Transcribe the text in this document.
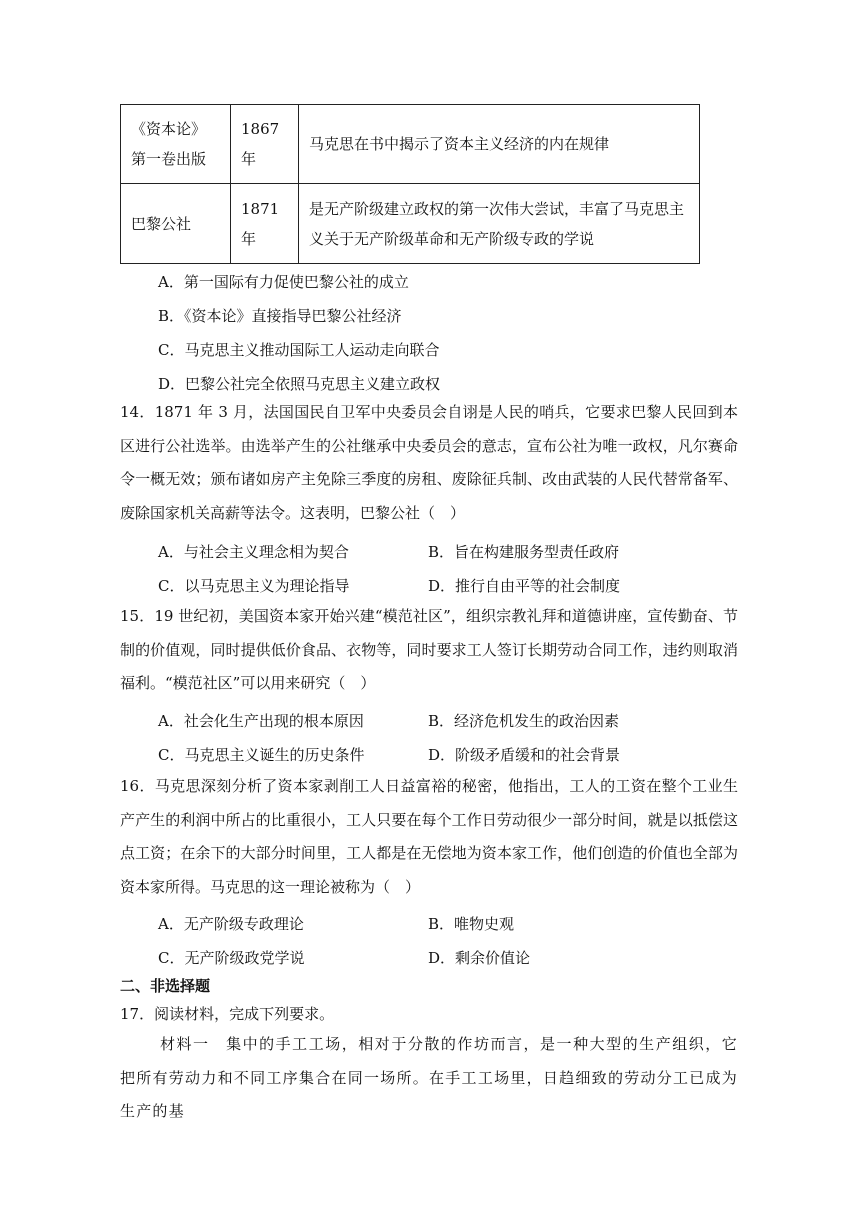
《资本论》第一卷出版	1867 年	马克思在书中揭示了资本主义经济的内在规律
巴黎公社	1871 年	是无产阶级建立政权的第一次伟大尝试，丰富了马克思主义关于无产阶级革命和无产阶级专政的学说
A．第一国际有力促使巴黎公社的成立
B．《资本论》直接指导巴黎公社经济
C．马克思主义推动国际工人运动走向联合
D．巴黎公社完全依照马克思主义建立政权
14．1871 年 3 月，法国国民自卫军中央委员会自诩是人民的哨兵，它要求巴黎人民回到本区进行公社选举。由选举产生的公社继承中央委员会的意志，宣布公社为唯一政权，凡尔赛命令一概无效；颁布诸如房产主免除三季度的房租、废除征兵制、改由武装的人民代替常备军、废除国家机关高薪等法令。这表明，巴黎公社（　）
A．与社会主义理念相为契合	B．旨在构建服务型责任政府
C．以马克思主义为理论指导	D．推行自由平等的社会制度
15．19 世纪初，美国资本家开始兴建“模范社区”，组织宗教礼拜和道德讲座，宣传勤奋、节制的价值观，同时提供低价食品、衣物等，同时要求工人签订长期劳动合同工作，违约则取消福利。“模范社区”可以用来研究（　）
A．社会化生产出现的根本原因	B．经济危机发生的政治因素
C．马克思主义诞生的历史条件	D．阶级矛盾缓和的社会背景
16．马克思深刻分析了资本家剥削工人日益富裕的秘密，他指出，工人的工资在整个工业生产产生的利润中所占的比重很小，工人只要在每个工作日劳动很少一部分时间，就是以抵偿这点工资；在余下的大部分时间里，工人都是在无偿地为资本家工作，他们创造的价值也全部为资本家所得。马克思的这一理论被称为（　）
A．无产阶级专政理论	B．唯物史观
C．无产阶级政党学说	D．剩余价值论
二、非选择题
17．阅读材料，完成下列要求。
材料一　集中的手工工场，相对于分散的作坊而言，是一种大型的生产组织，它把所有劳动力和不同工序集合在同一场所。在手工工场里，日趋细致的劳动分工已成为生产的基
